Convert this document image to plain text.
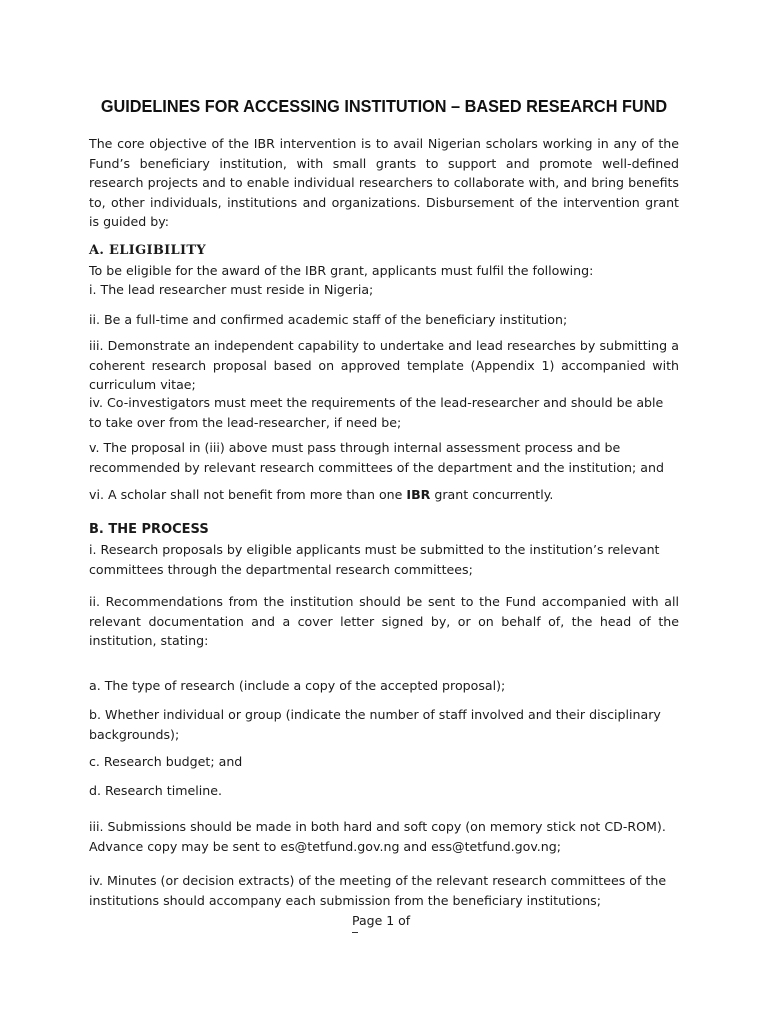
GUIDELINES FOR ACCESSING INSTITUTION – BASED RESEARCH FUND
The core objective of the IBR intervention is to avail Nigerian scholars working in any of the Fund’s beneficiary institution, with small grants to support and promote well-defined research projects and to enable individual researchers to collaborate with, and bring benefits to, other individuals, institutions and organizations. Disbursement of the intervention grant is guided by:
A. ELIGIBILITY
To be eligible for the award of the IBR grant, applicants must fulfil the following:
i. The lead researcher must reside in Nigeria;
ii. Be a full-time and confirmed academic staff of the beneficiary institution;
iii. Demonstrate an independent capability to undertake and lead researches by submitting a coherent research proposal based on approved template (Appendix 1) accompanied with curriculum vitae;
iv. Co-investigators must meet the requirements of the lead-researcher and should be able to take over from the lead-researcher, if need be;
v. The proposal in (iii) above must pass through internal assessment process and be recommended by relevant research committees of the department and the institution; and
vi. A scholar shall not benefit from more than one IBR grant concurrently.
B. THE PROCESS
i. Research proposals by eligible applicants must be submitted to the institution’s relevant committees through the departmental research committees;
ii. Recommendations from the institution should be sent to the Fund accompanied with all relevant documentation and a cover letter signed by, or on behalf of, the head of the institution, stating:
a. The type of research (include a copy of the accepted proposal);
b. Whether individual or group (indicate the number of staff involved and their disciplinary backgrounds);
c. Research budget; and
d. Research timeline.
iii. Submissions should be made in both hard and soft copy (on memory stick not CD-ROM). Advance copy may be sent to es@tetfund.gov.ng and ess@tetfund.gov.ng;
iv. Minutes (or decision extracts) of the meeting of the relevant research committees of the institutions should accompany each submission from the beneficiary institutions;
Page 1 of
